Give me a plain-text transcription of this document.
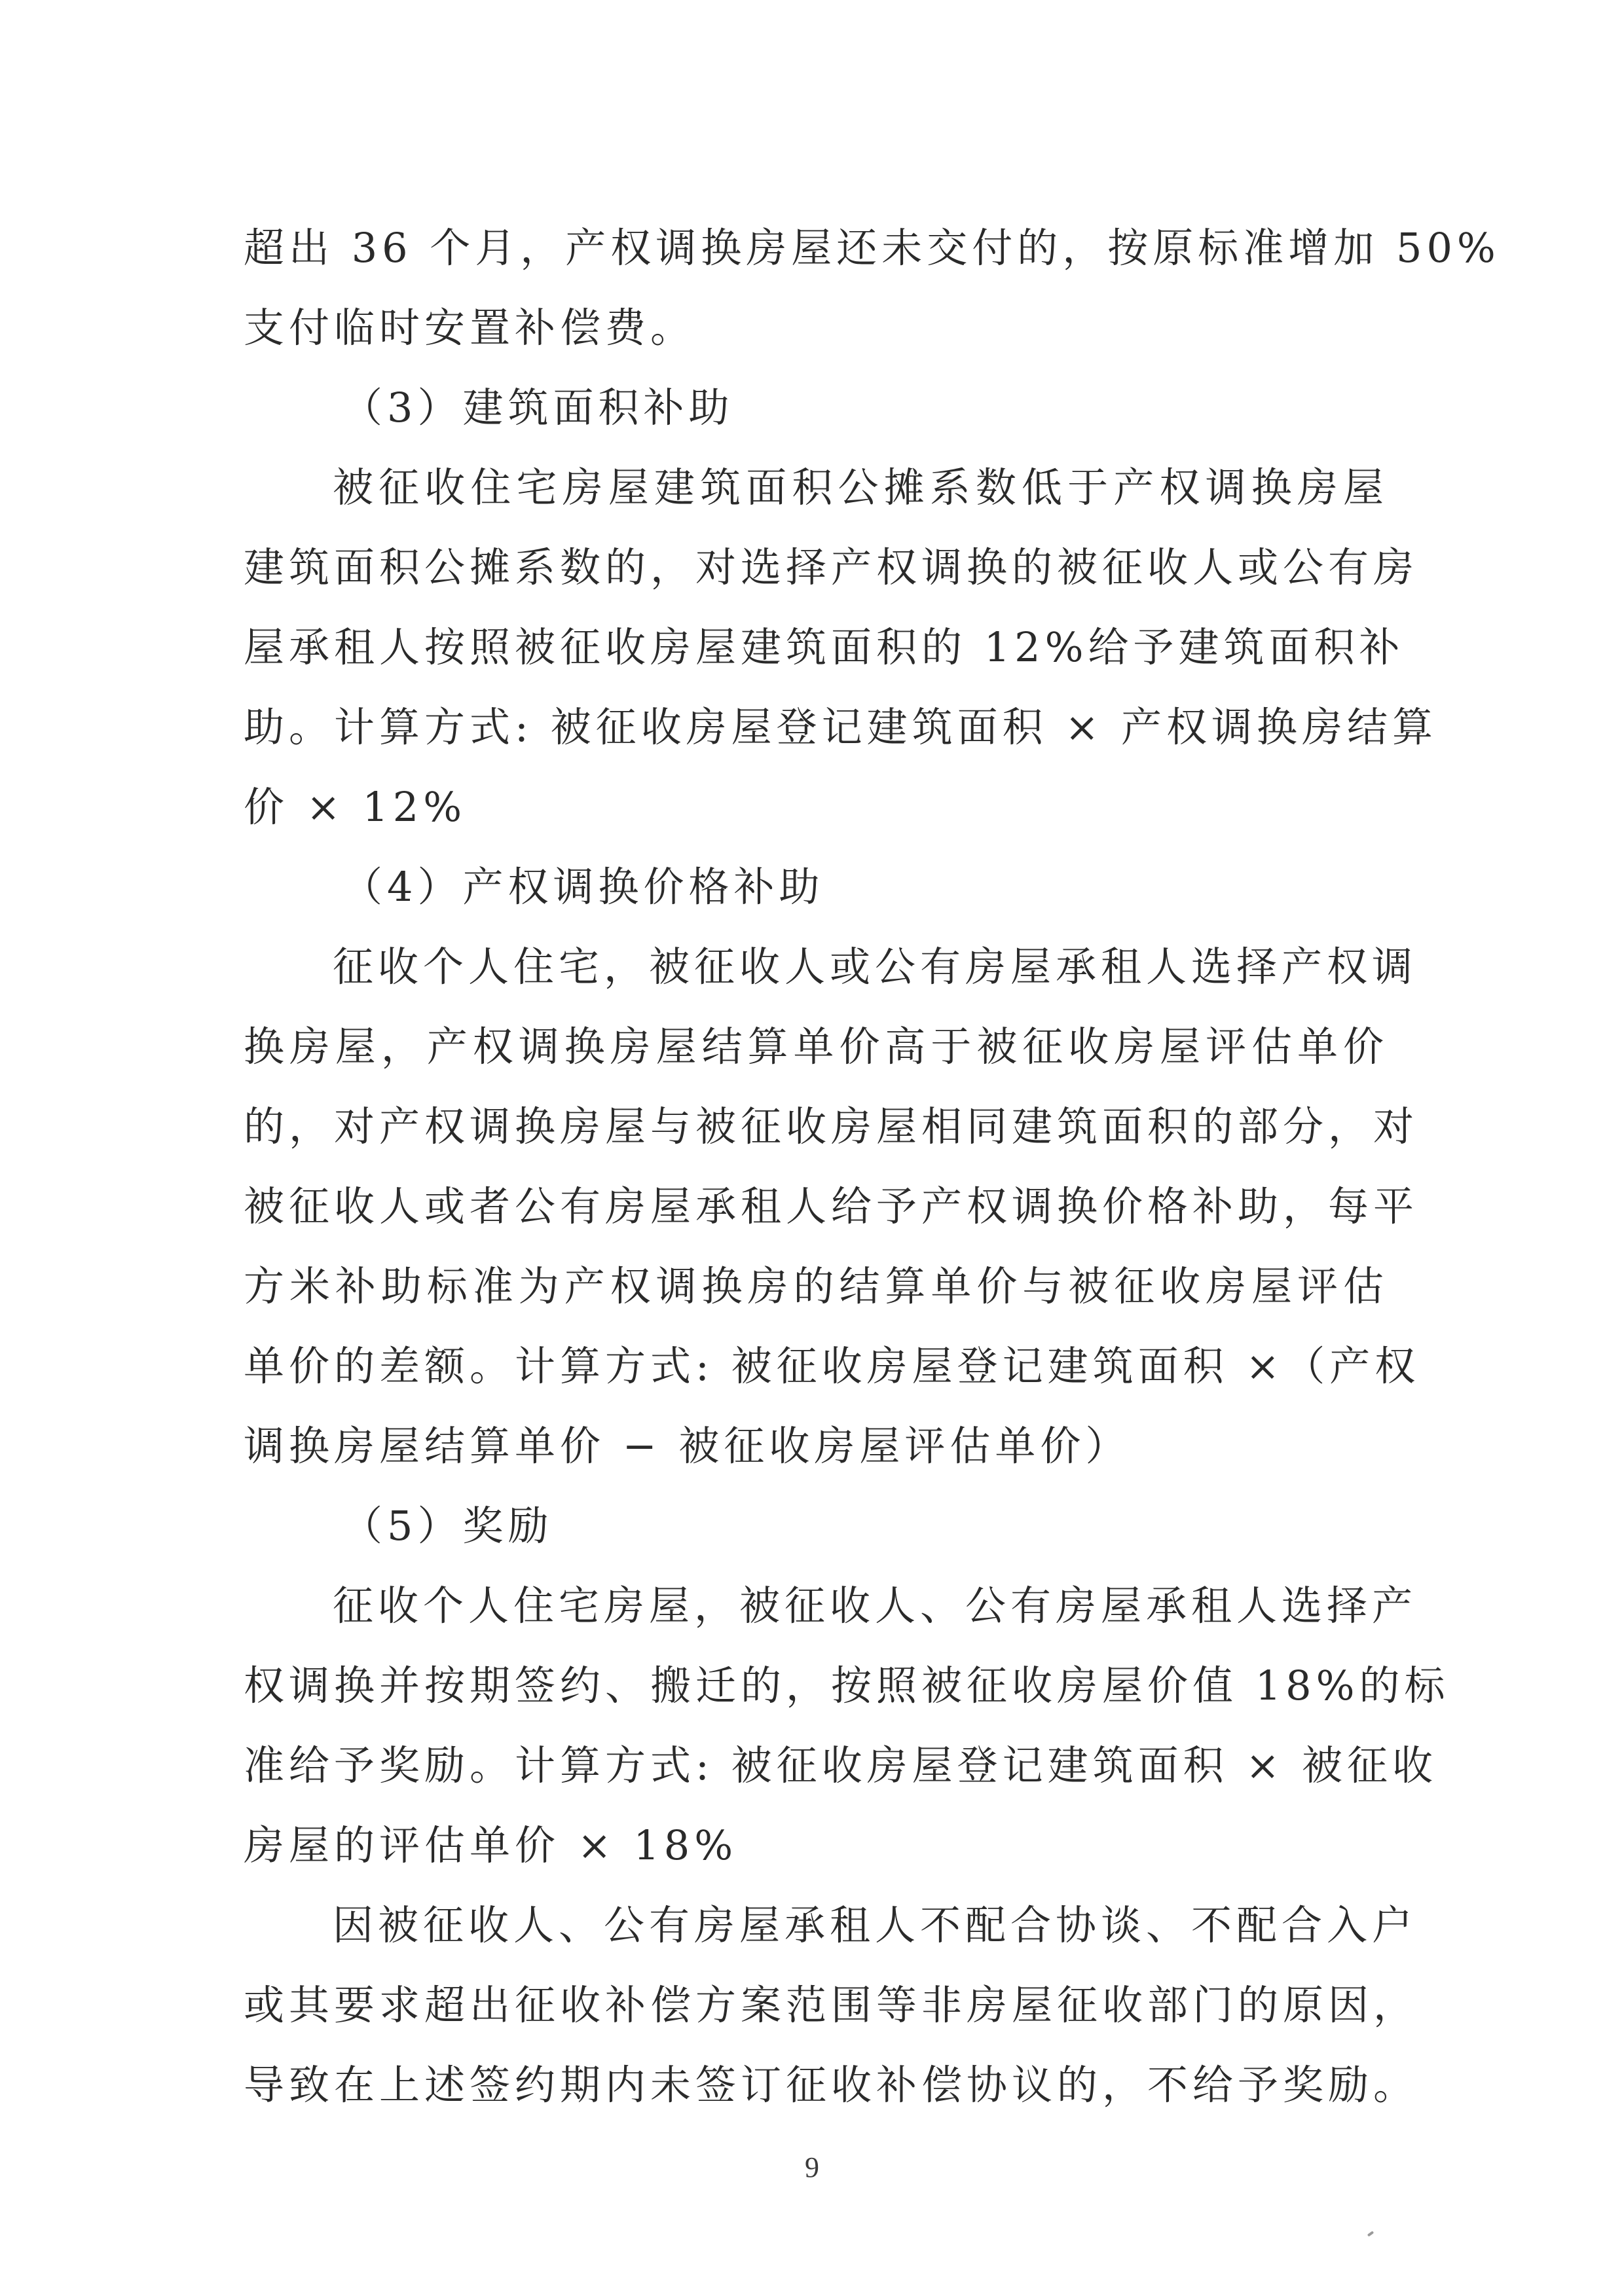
超出 36 个月，产权调换房屋还未交付的，按原标准增加 50%
支付临时安置补偿费。
（3）建筑面积补助
被征收住宅房屋建筑面积公摊系数低于产权调换房屋
建筑面积公摊系数的，对选择产权调换的被征收人或公有房
屋承租人按照被征收房屋建筑面积的 12%给予建筑面积补
助。计算方式: 被征收房屋登记建筑面积 × 产权调换房结算
价 × 12%
（4）产权调换价格补助
征收个人住宅，被征收人或公有房屋承租人选择产权调
换房屋，产权调换房屋结算单价高于被征收房屋评估单价
的，对产权调换房屋与被征收房屋相同建筑面积的部分，对
被征收人或者公有房屋承租人给予产权调换价格补助，每平
方米补助标准为产权调换房的结算单价与被征收房屋评估
单价的差额。计算方式: 被征收房屋登记建筑面积 ×（产权
调换房屋结算单价 − 被征收房屋评估单价）
（5）奖励
征收个人住宅房屋，被征收人、公有房屋承租人选择产
权调换并按期签约、搬迁的，按照被征收房屋价值 18%的标
准给予奖励。计算方式: 被征收房屋登记建筑面积 × 被征收
房屋的评估单价 × 18%
因被征收人、公有房屋承租人不配合协谈、不配合入户
或其要求超出征收补偿方案范围等非房屋征收部门的原因，
导致在上述签约期内未签订征收补偿协议的，不给予奖励。
9
